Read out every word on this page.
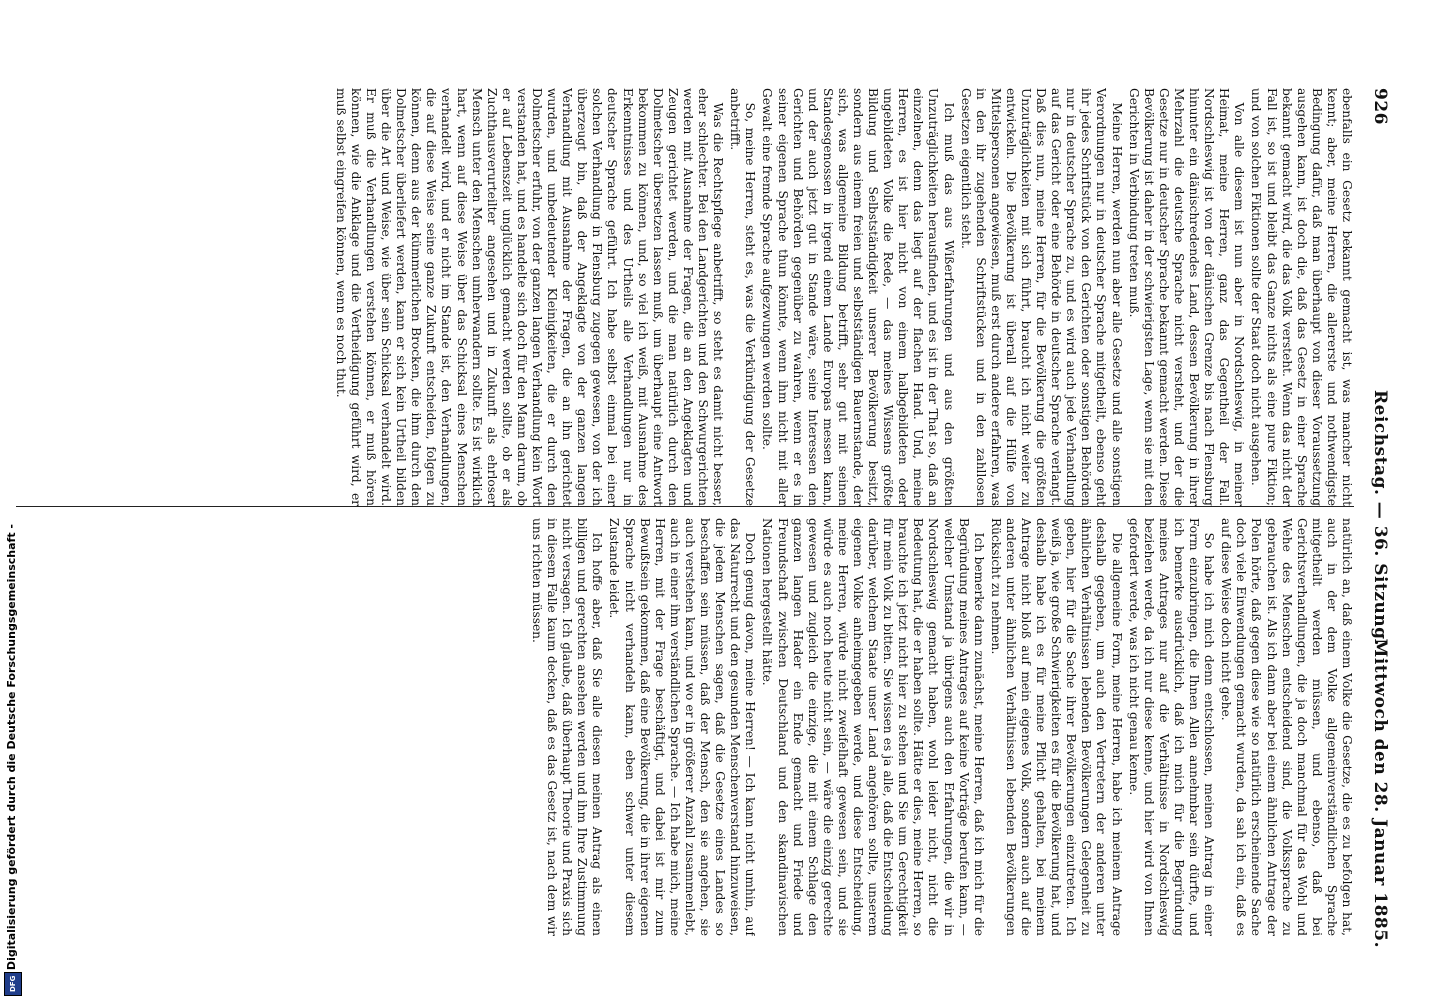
926
Reichstag. — 36. Sitzung.
Mittwoch den 28. Januar 1885.

natürlich an, daß einem Volke die Gesetze, die es zu befolgen hat, auch in der dem Volke allgemeinverständlichen Sprache mitgetheilt werden müssen, und ebenso, daß bei Gerichtsverhandlungen, die ja doch manchmal für das Wohl und Wehe des Menschen entscheidend sind, die Volkssprache zu gebrauchen ist. Als ich dann aber bei einem ähnlichen Antrage der Polen hörte, daß gegen diese wie so natürlich erscheinende Sache doch viele Einwendungen gemacht wurden, da sah ich ein, daß es auf diese Weise doch nicht gehe.

So habe ich mich denn entschlossen, meinen Antrag in einer Form einzubringen, die Ihnen Allen annehmbar sein dürfte, und ich bemerke ausdrücklich, daß ich mich für die Begründung meines Antrages nur auf die Verhältnisse in Nordschleswig beziehen werde, da ich nur diese kenne, und hier wird von Ihnen gefordert werde, was ich nicht genau kenne.

Die allgemeine Form, meine Herren, habe ich meinem Antrage deshalb gegeben, um auch den Vertretern der anderen unter ähnlichen Verhältnissen lebenden Bevölkerungen Gelegenheit zu geben, hier für die Sache ihrer Bevölkerungen einzutreten. Ich weiß ja, wie große Schwierigkeiten es für die Bevölkerung hat, und deshalb habe ich es für meine Pflicht gehalten, bei meinem Antrage nicht bloß auf mein eigenes Volk, sondern auch auf die anderen unter ähnlichen Verhältnissen lebenden Bevölkerungen Rücksicht zu nehmen.

Ich bemerke dann zunächst, meine Herren, daß ich mich für die Begründung meines Antrages auf keine Vorträge berufen kann, — welcher Umstand ja übrigens auch den Erfahrungen, die wir in Nordschleswig gemacht haben, wohl leider nicht, nicht die Bedeutung hat, die er haben sollte. Hätte er dies, meine Herren, so brauchte ich jetzt nicht hier zu stehen und Sie um Gerechtigkeit für mein Volk zu bitten. Sie wissen es ja alle, daß die Entscheidung darüber, welchem Staate unser Land angehören sollte, unserem eigenen Volke anheimgegeben werde, und diese Entscheidung, meine Herren, würde nicht zweifelhaft gewesen sein, und sie würde es auch noch heute nicht sein, — wäre die einzig gerechte gewesen und zugleich die einzige, die mit einem Schlage den ganzen langen Hader ein Ende gemacht und Friede und Freundschaft zwischen Deutschland und den skandinavischen Nationen hergestellt hätte.

Doch genug davon, meine Herren! — Ich kann nicht umhin, auf das Naturrecht und den gesunden Menschenverstand hinzuweisen, die jedem Menschen sagen, daß die Gesetze eines Landes so beschaffen sein müssen, daß der Mensch, den sie angehen, sie auch verstehen kann, und wo er in größerer Anzahl zusammenlebt, auch in einer ihm verständlichen Sprache. — Ich habe mich, meine Herren, mit der Frage beschäftigt, und dabei ist mir zum Bewußtsein gekommen, daß eine Bevölkerung, die in ihrer eigenen Sprache nicht verhandeln kann, eben schwer unter diesem Zustande leidet.

Ich hoffe aber, daß Sie alle diesen meinen Antrag als einen billigen und gerechten ansehen werden und ihm Ihre Zustimmung nicht versagen. Ich glaube, daß überhaupt Theorie und Praxis sich in diesem Falle kaum decken, daß es das Gesetz ist, nach dem wir uns richten müssen.

ebenfalls ein Gesetz bekannt gemacht ist, was mancher nicht kennt; aber, meine Herren, die allererste und nothwendigste Bedingung dafür, daß man überhaupt von dieser Voraussetzung ausgehen kann, ist doch die, daß das Gesetz in einer Sprache bekannt gemacht wird, die das Volk versteht. Wenn das nicht der Fall ist, so ist und bleibt das Ganze nichts als eine pure Fiktion; und von solchen Fiktionen sollte der Staat doch nicht ausgehen.

Von alle diesem ist nun aber in Nordschleswig, in meiner Heimat, meine Herren, ganz das Gegentheil der Fall. Nordschleswig ist von der dänischen Grenze bis nach Flensburg hinunter ein dänischredendes Land, dessen Bevölkerung in ihrer Mehrzahl die deutsche Sprache nicht versteht, und der die Gesetze nur in deutscher Sprache bekannt gemacht werden. Diese Bevölkerung ist daher in der schwierigsten Lage, wenn sie mit den Gerichten in Verbindung treten muß.

Meine Herren, werden nun aber alle Gesetze und alle sonstigen Verordnungen nur in deutscher Sprache mitgetheilt, ebenso geht ihr jedes Schriftstück von den Gerichten oder sonstigen Behörden nur in deutscher Sprache zu, und es wird auch jede Verhandlung auf das Gericht oder eine Behörde in deutscher Sprache verlangt. Daß dies nun, meine Herren, für die Bevölkerung die größten Unzuträglichkeiten mit sich führt, braucht ich nicht weiter zu entwickeln. Die Bevölkerung ist überall auf die Hülfe von Mittelspersonen angewiesen, muß erst durch andere erfahren, was in den ihr zugehenden Schriftstücken und in den zahllosen Gesetzen eigentlich steht.

Ich muß das aus Wißerfahrungen und aus den größten Unzuträglichkeiten herausfinden, und es ist in der That so, daß an einzelnen, denn das liegt auf der flachen Hand. Und, meine Herren, es ist hier nicht von einem halbgebildeten oder ungebildeten Volke die Rede, — das meines Wissens größte Bildung und Selbstständigkeit unserer Bevölkerung besitzt, sondern aus einem freien und selbstständigen Bauernstande, der sich, was allgemeine Bildung betrifft, sehr gut mit seinen Standesgenossen in irgend einem Lande Europas messen kann, und der auch jetzt gut in Stande wäre, seine Interessen den Gerichten und Behörden gegenüber zu wahren, wenn er es in seiner eigenen Sprache thun könnte, wenn ihm nicht mit aller Gewalt eine fremde Sprache aufgezwungen werden sollte.

So, meine Herren, steht es, was die Verkündigung der Gesetze anbetrifft.

Was die Rechtspflege anbetrifft, so steht es damit nicht besser, eher schlechter. Bei den Landgerichten und den Schwurgerichten werden mit Ausnahme der Fragen, die an den Angeklagten und Zeugen gerichtet werden, und die man natürlich durch den Dolmetscher übersetzen lassen muß, um überhaupt eine Antwort bekommen zu können, und, so viel ich weiß, mit Ausnahme des Erkenntnisses und des Urtheils alle Verhandlungen nur in deutscher Sprache geführt. Ich habe selbst einmal bei einer solchen Verhandlung in Flensburg zugegen gewesen, von der ich überzeugt bin, daß der Angeklagte von der ganzen langen Verhandlung mit Ausnahme der Fragen, die an ihn gerichtet wurden, und unbedeutender Kleinigkeiten, die er durch den Dolmetscher erfuhr, von der ganzen langen Verhandlung kein Wort verstanden hat, und es handelte sich doch für den Mann darum, ob er auf Lebenszeit unglücklich gemacht werden sollte, ob er als Zuchthausverurteilter angesehen und in Zukunft als ehrloser Mensch unter den Menschen umherwandern sollte. Es ist wirklich hart, wenn auf diese Weise über das Schicksal eines Menschen verhandelt wird, und er nicht im Stande ist, den Verhandlungen, die auf diese Weise seine ganze Zukunft entscheiden, folgen zu können, denn aus der kümmerlichen Brocken, die ihm durch den Dolmetscher überliefert werden, kann er sich kein Urtheil bilden über die Art und Weise, wie über sein Schicksal verhandelt wird. Er muß die Verhandlungen verstehen können, er muß hören können, wie die Anklage und die Vertheidigung geführt wird, er muß selbst eingreifen können, wenn es noch thut.

Digitalisierung gefördert durch die Deutsche Forschungsgemeinschaft -
DFG
